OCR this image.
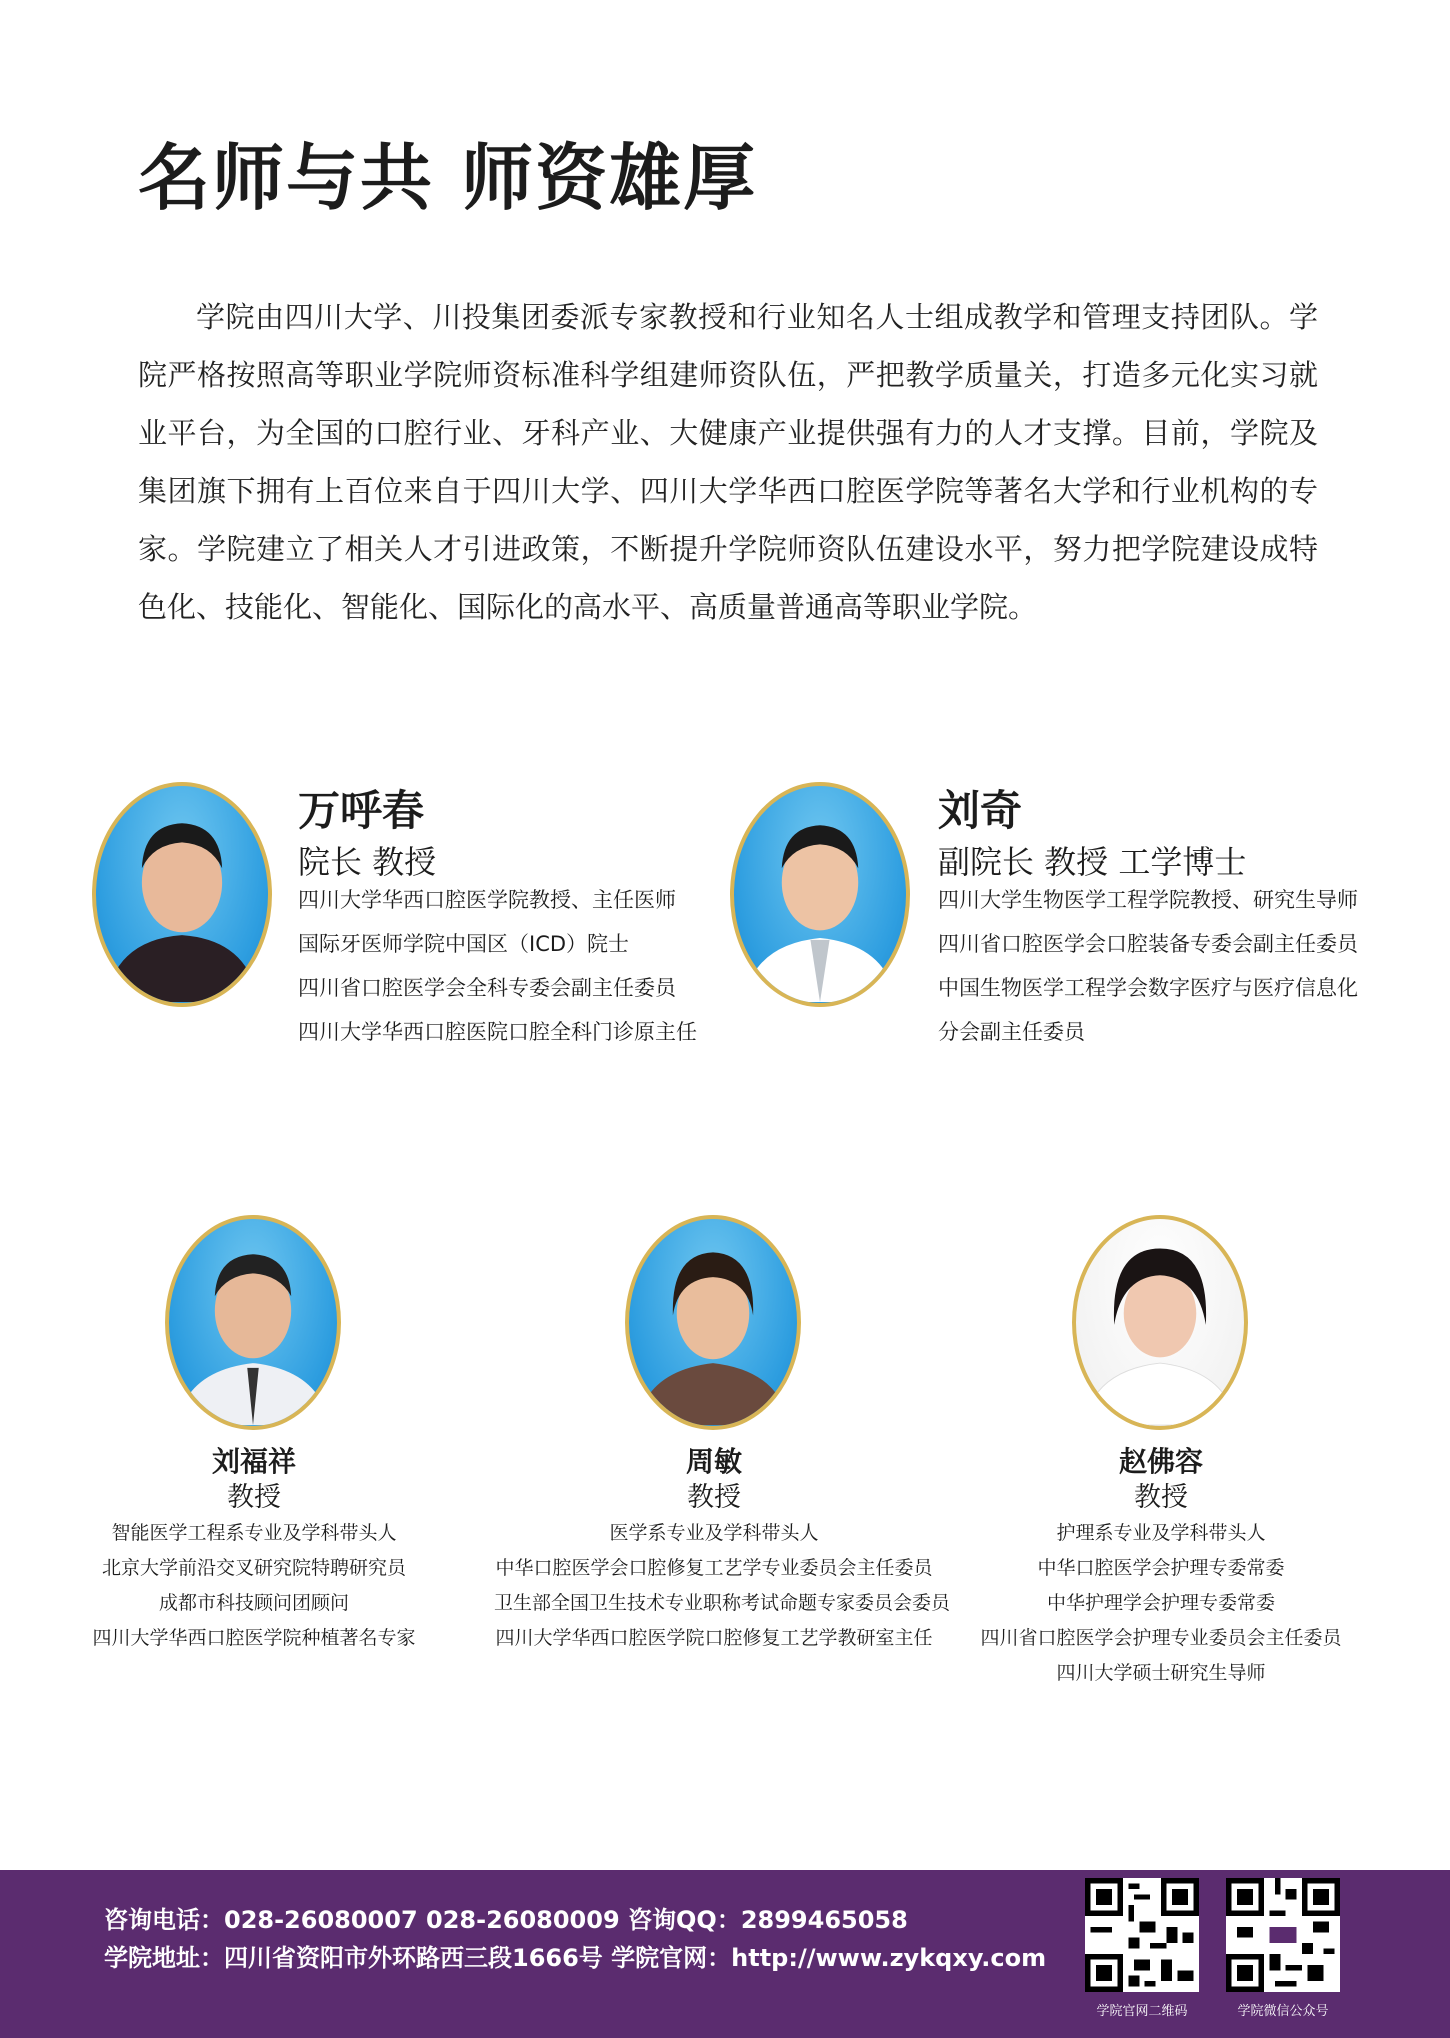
名师与共 师资雄厚

学院由四川大学、川投集团委派专家教授和行业知名人士组成教学和管理支持团队。学院严格按照高等职业学院师资标准科学组建师资队伍，严把教学质量关，打造多元化实习就业平台，为全国的口腔行业、牙科产业、大健康产业提供强有力的人才支撑。目前，学院及集团旗下拥有上百位来自于四川大学、四川大学华西口腔医学院等著名大学和行业机构的专家。学院建立了相关人才引进政策，不断提升学院师资队伍建设水平，努力把学院建设成特色化、技能化、智能化、国际化的高水平、高质量普通高等职业学院。

万呼春
院长 教授
四川大学华西口腔医学院教授、主任医师
国际牙医师学院中国区（ICD）院士
四川省口腔医学会全科专委会副主任委员
四川大学华西口腔医院口腔全科门诊原主任
刘奇
副院长 教授 工学博士
四川大学生物医学工程学院教授、研究生导师
四川省口腔医学会口腔装备专委会副主任委员
中国生物医学工程学会数字医疗与医疗信息化
分会副主任委员
刘福祥
教授
智能医学工程系专业及学科带头人
北京大学前沿交叉研究院特聘研究员
成都市科技顾问团顾问
四川大学华西口腔医学院种植著名专家
周敏
教授
医学系专业及学科带头人
中华口腔医学会口腔修复工艺学专业委员会主任委员
卫生部全国卫生技术专业职称考试命题专家委员会委员
四川大学华西口腔医学院口腔修复工艺学教研室主任
赵佛容
教授
护理系专业及学科带头人
中华口腔医学会护理专委常委
中华护理学会护理专委常委
四川省口腔医学会护理专业委员会主任委员
四川大学硕士研究生导师
咨询电话：028-26080007 028-26080009 咨询QQ：2899465058
学院地址：四川省资阳市外环路西三段1666号 学院官网：http://www.zykqxy.com
学院官网二维码	学院微信公众号
